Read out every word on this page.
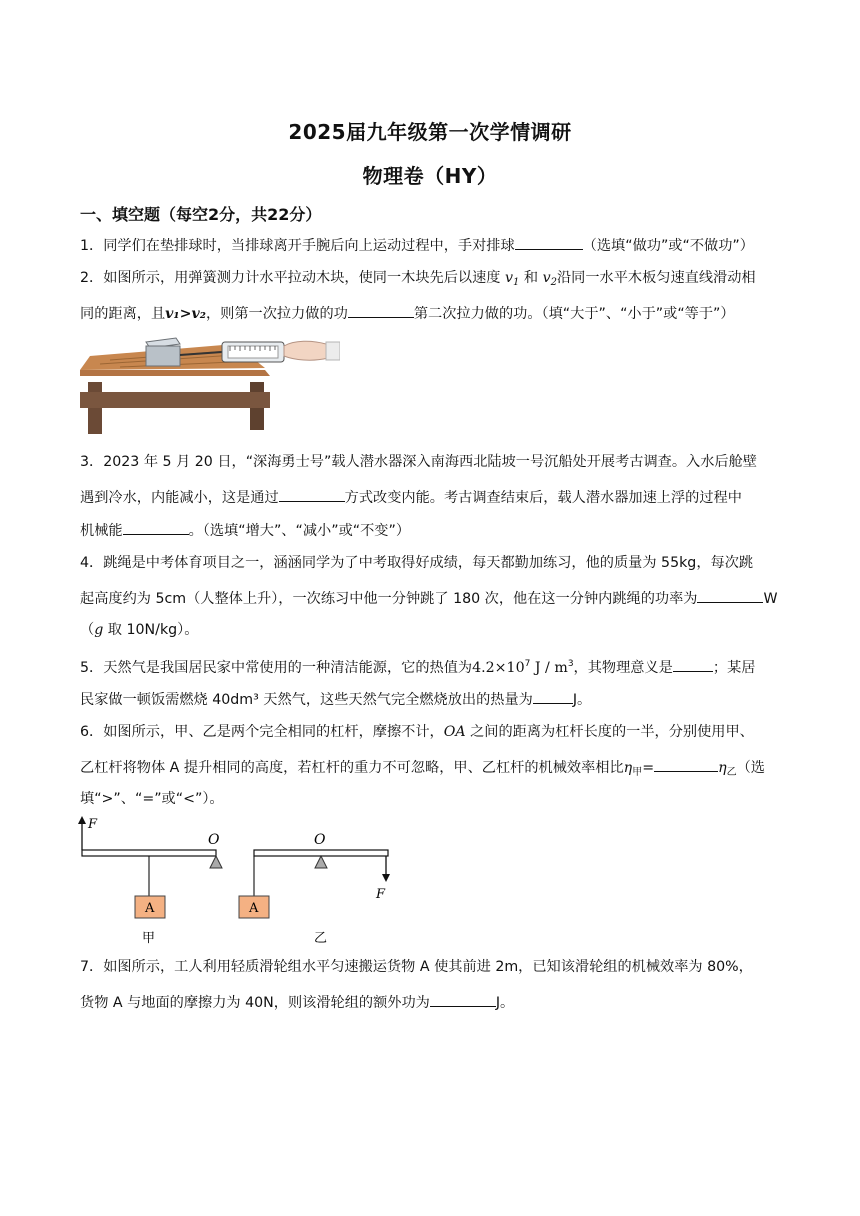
2025届九年级第一次学情调研
物理卷（HY）
一、填空题（每空2分，共22分）
1．同学们在垫排球时，当排球离开手腕后向上运动过程中，手对排球	（选填“做功”或“不做功”）
2．如图所示，用弹簧测力计水平拉动木块，使同一木块先后以速度 $v_1$ 和 $v_2$沿同一水平木板匀速直线滑动相
同的距离，且v₁>v₂，则第一次拉力做的功	第二次拉力做的功。（填“大于”、“小于”或“等于”）
3．2023 年 5 月 20 日，“深海勇士号”载人潜水器深入南海西北陆坡一号沉船处开展考古调查。入水后舱壁
遇到冷水，内能减小，这是通过	方式改变内能。考古调查结束后，载人潜水器加速上浮的过程中
机械能	。（选填“增大”、“减小”或“不变”）
4．跳绳是中考体育项目之一，涵涵同学为了中考取得好成绩，每天都勤加练习，他的质量为 55kg，每次跳
起高度约为 5cm（人整体上升），一次练习中他一分钟跳了 180 次，他在这一分钟内跳绳的功率为	W
（g 取 10N/kg）。
5．天然气是我国居民家中常使用的一种清洁能源，它的热值为$4.2\times 10^7$ J / $m^3$，其物理意义是	；某居
民家做一顿饭需燃烧 40dm³ 天然气，这些天然气完全燃烧放出的热量为	J。
6．如图所示，甲、乙是两个完全相同的杠杆，摩擦不计，OA 之间的距离为杠杆长度的一半，分别使用甲、
乙杠杆将物体 A 提升相同的高度，若杠杆的重力不可忽略，甲、乙杠杆的机械效率相比$\eta_甲=$	$\eta_乙$（选
填“>”、“=”或“<”）。
F
O
A
甲
O
A
F
乙
7．如图所示，工人利用轻质滑轮组水平匀速搬运货物 A 使其前进 2m，已知该滑轮组的机械效率为 80%，
货物 A 与地面的摩擦力为 40N，则该滑轮组的额外功为	J。
